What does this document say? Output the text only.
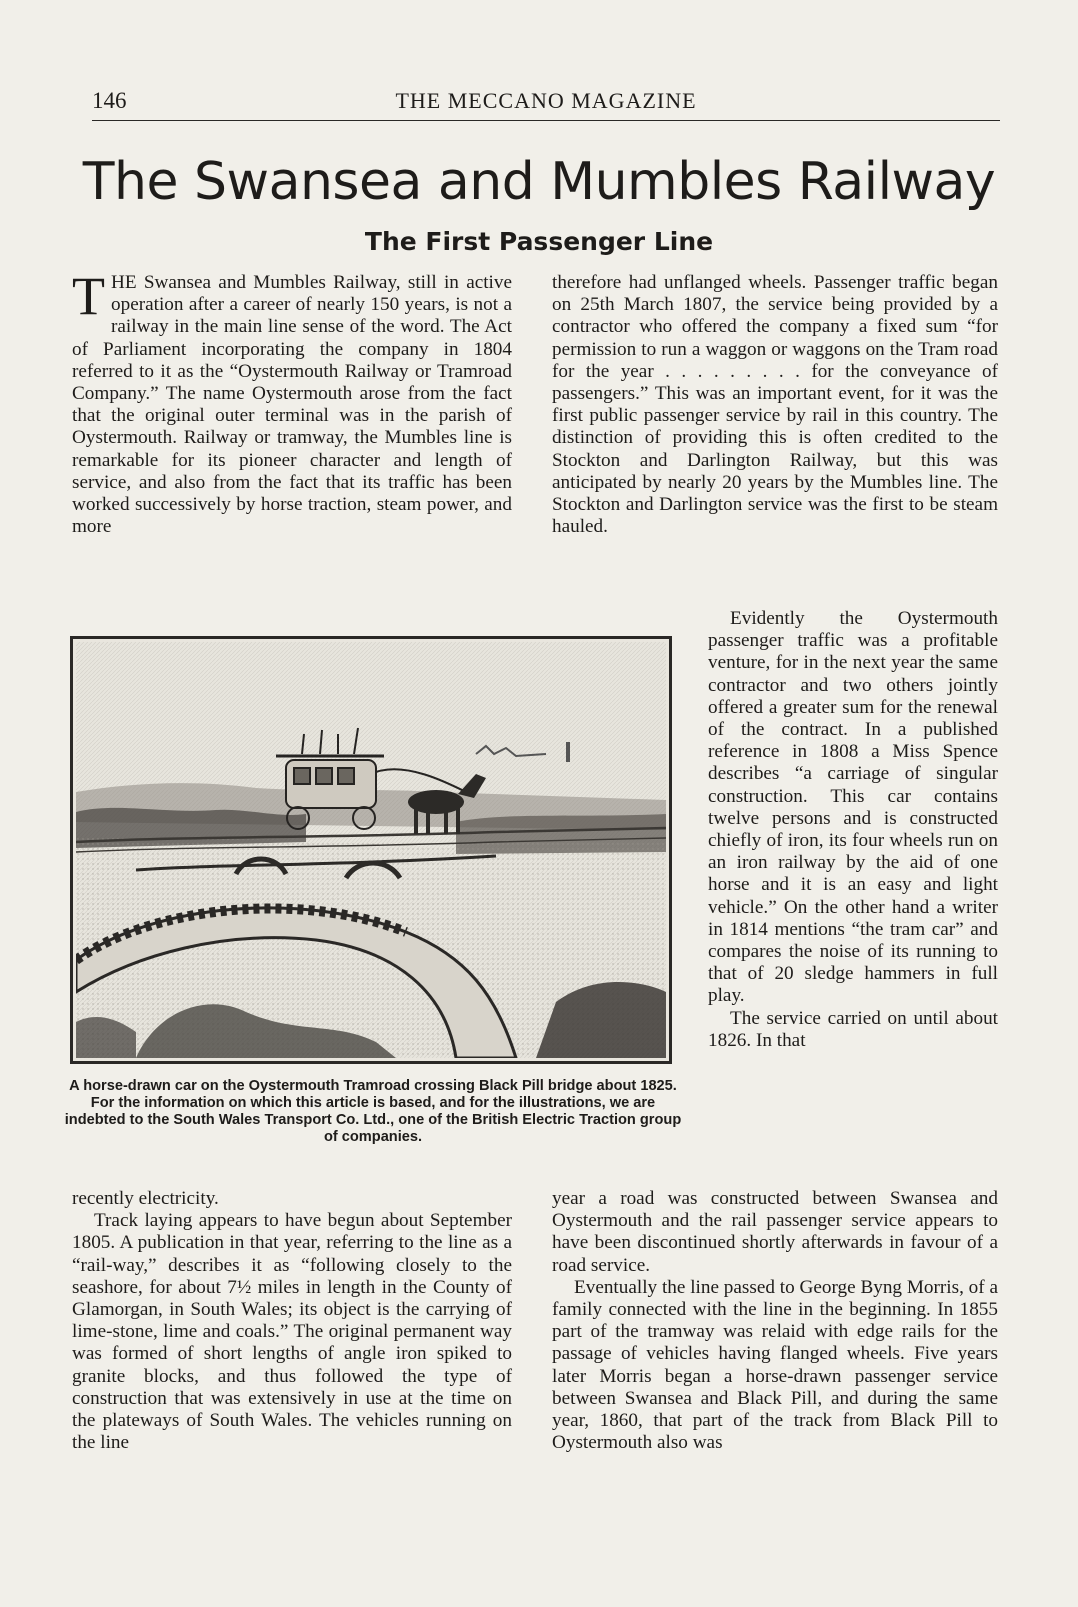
146	THE MECCANO MAGAZINE
The Swansea and Mumbles Railway
The First Passenger Line
T HE Swansea and Mumbles Railway, still in active operation after a career of nearly 150 years, is not a railway in the main line sense of the word. The Act of Parliament incorporating the company in 1804 referred to it as the “Oystermouth Railway or Tramroad Company.” The name Oystermouth arose from the fact that the original outer terminal was in the parish of Oystermouth. Railway or tramway, the Mumbles line is remarkable for its pioneer character and length of service, and also from the fact that its traffic has been worked successively by horse traction, steam power, and more

therefore had unflanged wheels. Passenger traffic began on 25th March 1807, the service being provided by a contractor who offered the company a fixed sum “for permission to run a waggon or waggons on the Tram road for the year . . . . . . . . . for the conveyance of passengers.” This was an important event, for it was the first public passenger service by rail in this country. The distinction of providing this is often credited to the Stockton and Darlington Railway, but this was anticipated by nearly 20 years by the Mumbles line. The Stockton and Darlington service was the first to be steam hauled.

A horse-drawn car on the Oystermouth Tramroad crossing Black Pill bridge about 1825.

For the information on which this article is based, and for the illustrations, we are indebted to the South Wales Transport Co. Ltd., one of the British Electric Traction group of companies.

Evidently the Oystermouth passenger traffic was a profitable venture, for in the next year the same contractor and two others jointly offered a greater sum for the renewal of the contract. In a published reference in 1808 a Miss Spence describes “a carriage of singular construction. This car contains twelve persons and is constructed chiefly of iron, its four wheels run on an iron railway by the aid of one horse and it is an easy and light vehicle.” On the other hand a writer in 1814 mentions “the tram car” and compares the noise of its running to that of 20 sledge hammers in full play.

The service carried on until about 1826. In that

recently electricity.

Track laying appears to have begun about September 1805. A publication in that year, referring to the line as a “rail-way,” describes it as “following closely to the seashore, for about 7½ miles in length in the County of Glamorgan, in South Wales; its object is the carrying of lime-stone, lime and coals.” The original permanent way was formed of short lengths of angle iron spiked to granite blocks, and thus followed the type of construction that was extensively in use at the time on the plateways of South Wales. The vehicles running on the line

year a road was constructed between Swansea and Oystermouth and the rail passenger service appears to have been discontinued shortly afterwards in favour of a road service.

Eventually the line passed to George Byng Morris, of a family connected with the line in the beginning. In 1855 part of the tramway was relaid with edge rails for the passage of vehicles having flanged wheels. Five years later Morris began a horse-drawn passenger service between Swansea and Black Pill, and during the same year, 1860, that part of the track from Black Pill to Oystermouth also was
